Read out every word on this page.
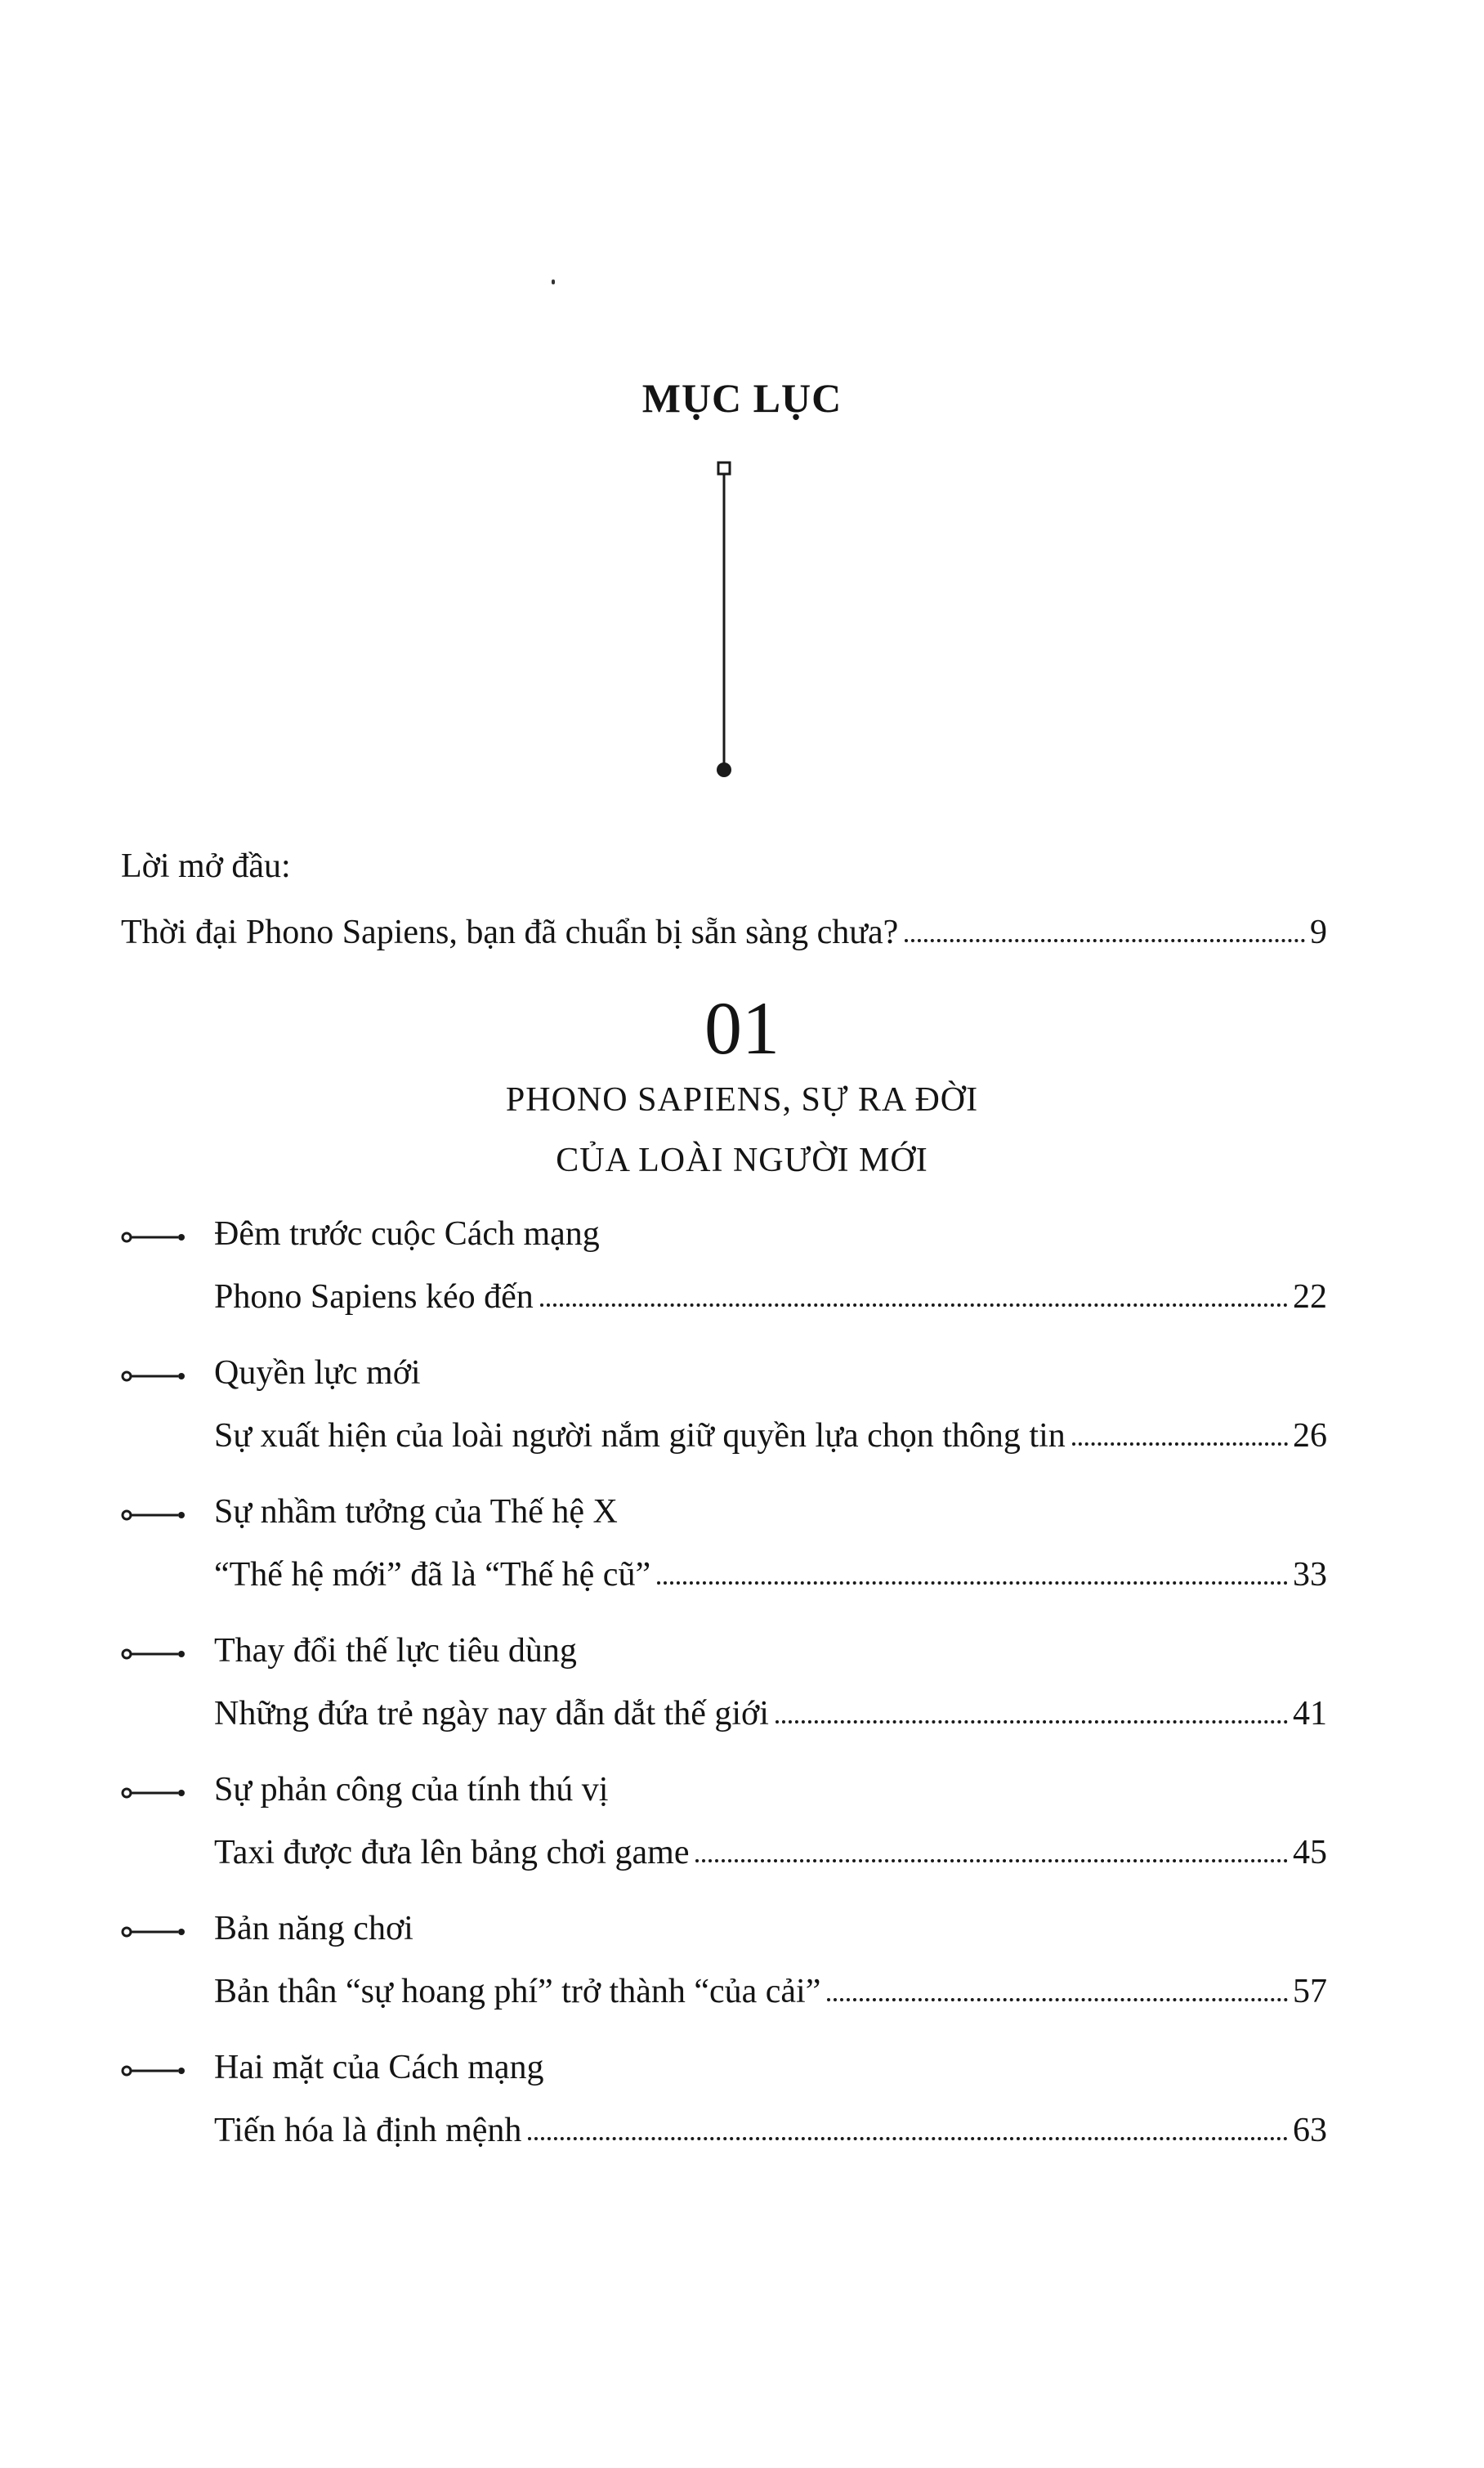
MỤC LỤC
Lời mở đầu:
Thời đại Phono Sapiens, bạn đã chuẩn bị sẵn sàng chưa?	9
01
PHONO SAPIENS, SỰ RA ĐỜI
CỦA LOÀI NGƯỜI MỚI
Đêm trước cuộc Cách mạng
Phono Sapiens kéo đến	22
Quyền lực mới
Sự xuất hiện của loài người nắm giữ quyền lựa chọn thông tin	26
Sự nhầm tưởng của Thế hệ X
“Thế hệ mới” đã là “Thế hệ cũ”	33
Thay đổi thế lực tiêu dùng
Những đứa trẻ ngày nay dẫn dắt thế giới	41
Sự phản công của tính thú vị
Taxi được đưa lên bảng chơi game	45
Bản năng chơi
Bản thân “sự hoang phí” trở thành “của cải”	57
Hai mặt của Cách mạng
Tiến hóa là định mệnh	63
